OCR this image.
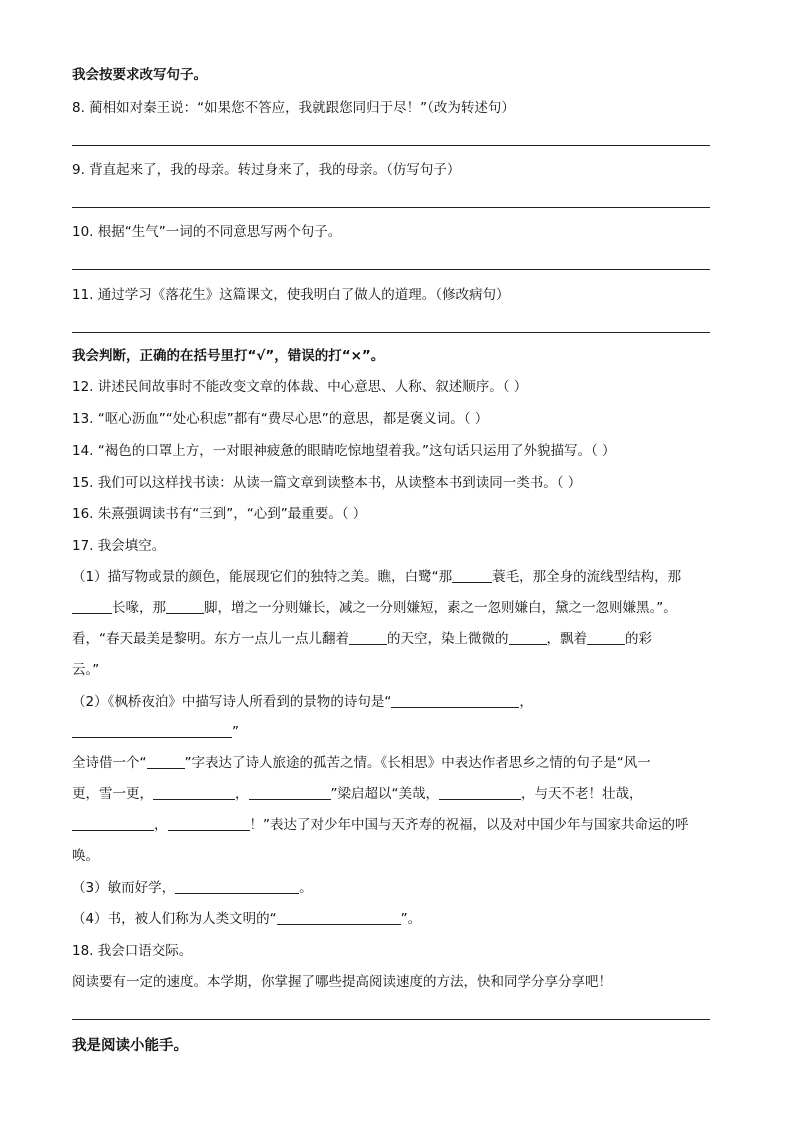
我会按要求改写句子。
8. 蔺相如对秦王说：“如果您不答应，我就跟您同归于尽！”（改为转述句）
9. 背直起来了，我的母亲。转过身来了，我的母亲。（仿写句子）
10. 根据“生气”一词的不同意思写两个句子。
11. 通过学习《落花生》这篇课文，使我明白了做人的道理。（修改病句）
我会判断，正确的在括号里打“√”，错误的打“×”。
12. 讲述民间故事时不能改变文章的体裁、中心意思、人称、叙述顺序。（ ）
13. “呕心沥血”“处心积虑”都有“费尽心思”的意思，都是褒义词。（ ）
14. “褐色的口罩上方，一对眼神疲惫的眼睛吃惊地望着我。”这句话只运用了外貌描写。（ ）
15. 我们可以这样找书读：从读一篇文章到读整本书，从读整本书到读同一类书。（ ）
16. 朱熹强调读书有“三到”，“心到”最重要。（ ）
17. 我会填空。
（1）描写物或景的颜色，能展现它们的独特之美。瞧，白鹭“那	蓑毛，那全身的流线型结构，那
长喙，那	脚，增之一分则嫌长，减之一分则嫌短，素之一忽则嫌白，黛之一忽则嫌黑。”。
看，“春天最美是黎明。东方一点儿一点儿翻着	的天空，染上微微的	，飘着	的彩
云。”
（2）《枫桥夜泊》中描写诗人所看到的景物的诗句是“	，
”
全诗借一个“	”字表达了诗人旅途的孤苦之情。《长相思》中表达作者思乡之情的句子是“风一
更，雪一更，	，	”梁启超以“美哉，	，与天不老！壮哉，
，	！”表达了对少年中国与天齐寿的祝福，以及对中国少年与国家共命运的呼
唤。
（3）敏而好学，	。
（4）书，被人们称为人类文明的“	”。
18. 我会口语交际。
阅读要有一定的速度。本学期，你掌握了哪些提高阅读速度的方法，快和同学分享分享吧！
我是阅读小能手。
